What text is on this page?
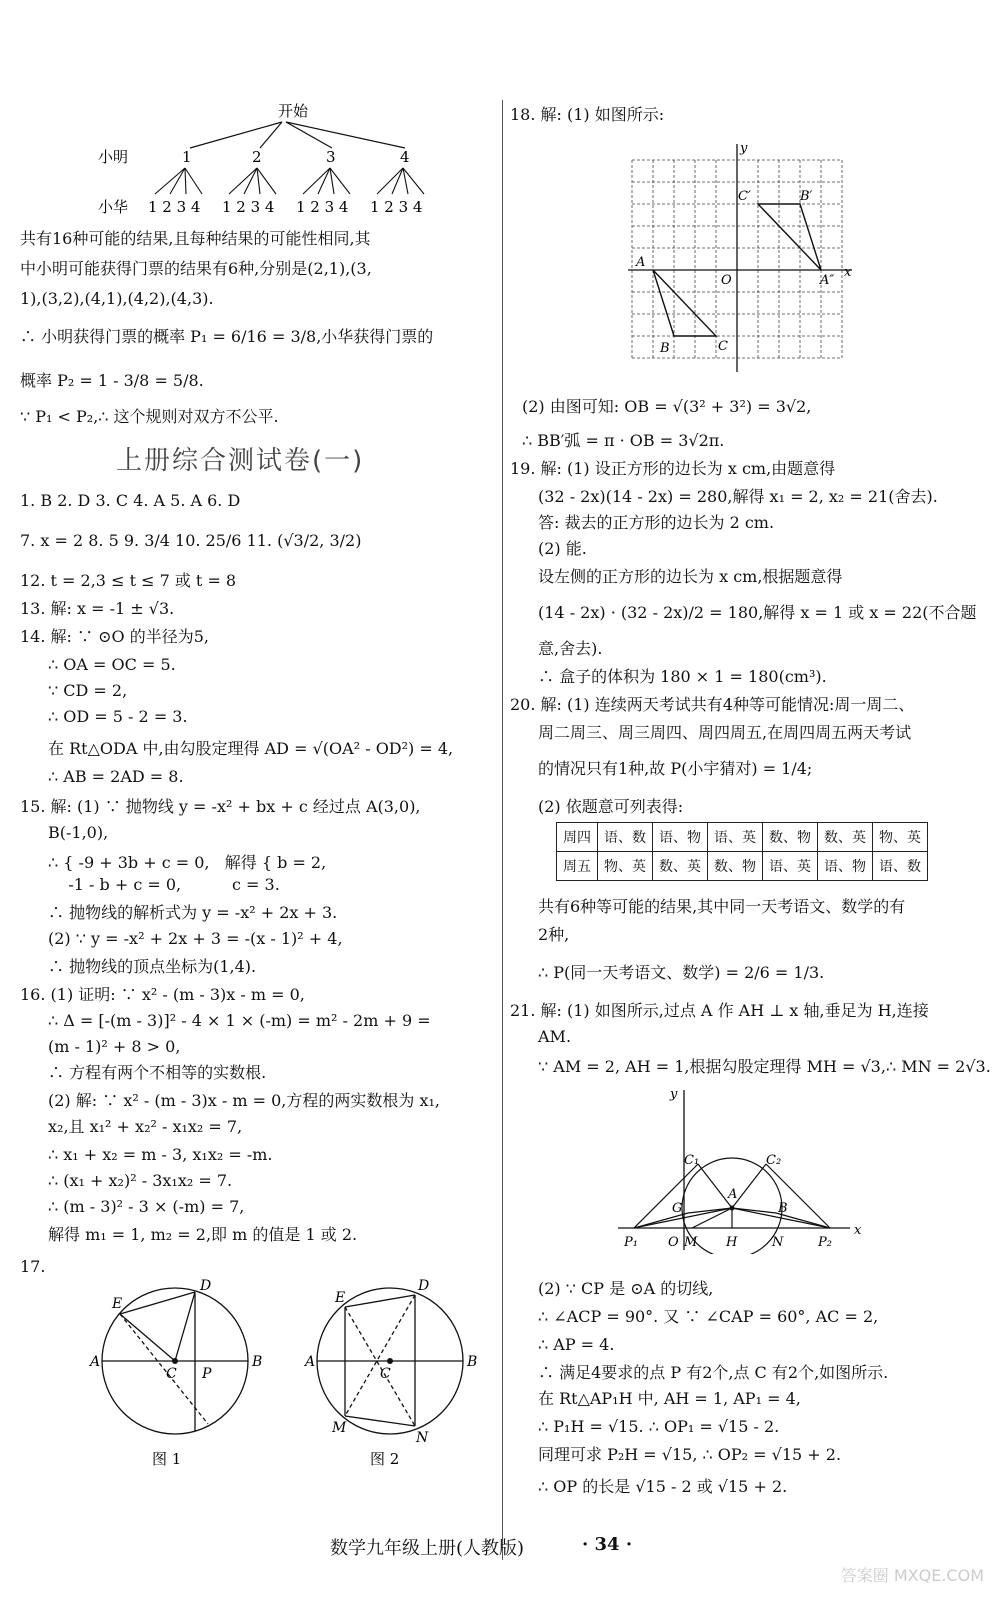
开始
小明	1	2	3	4
小华 1 2 3 4 1 2 3 4 1 2 3 4 1 2 3 4
共有16种可能的结果,且每种结果的可能性相同,其
中小明可能获得门票的结果有6种,分别是(2,1),(3,
1),(3,2),(4,1),(4,2),(4,3).
∴ 小明获得门票的概率 P₁ = 6/16 = 3/8,小华获得门票的
概率 P₂ = 1 - 3/8 = 5/8.
∵ P₁ < P₂,∴ 这个规则对双方不公平.
上册综合测试卷(一)
1. B 2. D 3. C 4. A 5. A 6. D
7. x = 2 8. 5 9. 3/4 10. 25/6 11. (√3/2, 3/2)
12. t = 2,3 ≤ t ≤ 7 或 t = 8
13. 解: x = -1 ± √3.
14. 解: ∵ ⊙O 的半径为5,
∴ OA = OC = 5.
∵ CD = 2,
∴ OD = 5 - 2 = 3.
在 Rt△ODA 中,由勾股定理得 AD = √(OA² - OD²) = 4,
∴ AB = 2AD = 8.
15. 解: (1) ∵ 抛物线 y = -x² + bx + c 经过点 A(3,0),
B(-1,0),
∴ { -9 + 3b + c = 0,   解得 { b = 2,
-1 - b + c = 0,          c = 3.
∴ 抛物线的解析式为 y = -x² + 2x + 3.
(2) ∵ y = -x² + 2x + 3 = -(x - 1)² + 4,
∴ 抛物线的顶点坐标为(1,4).
16. (1) 证明: ∵ x² - (m - 3)x - m = 0,
∴ Δ = [-(m - 3)]² - 4 × 1 × (-m) = m² - 2m + 9 =
(m - 1)² + 8 > 0,
∴ 方程有两个不相等的实数根.
(2) 解: ∵ x² - (m - 3)x - m = 0,方程的两实数根为 x₁,
x₂,且 x₁² + x₂² - x₁x₂ = 7,
∴ x₁ + x₂ = m - 3, x₁x₂ = -m.
∴ (x₁ + x₂)² - 3x₁x₂ = 7.
∴ (m - 3)² - 3 × (-m) = 7,
解得 m₁ = 1, m₂ = 2,即 m 的值是 1 或 2.
17.
E
D
A	B
C P
E
D
A	B
C
M
N
图 1	图 2
18. 解: (1) 如图所示:
y
x
O
A
B	C
A″
B′
C′
(2) 由图可知: OB = √(3² + 3²) = 3√2,
∴ BB′弧 = π · OB = 3√2π.
19. 解: (1) 设正方形的边长为 x cm,由题意得
(32 - 2x)(14 - 2x) = 280,解得 x₁ = 2, x₂ = 21(舍去).
答: 裁去的正方形的边长为 2 cm.
(2) 能.
设左侧的正方形的边长为 x cm,根据题意得
(14 - 2x) · (32 - 2x)/2 = 180,解得 x = 1 或 x = 22(不合题
意,舍去).
∴ 盒子的体积为 180 × 1 = 180(cm³).
20. 解: (1) 连续两天考试共有4种等可能情况:周一周二、
周二周三、周三周四、周四周五,在周四周五两天考试
的情况只有1种,故 P(小宇猜对) = 1/4;
(2) 依题意可列表得:
周四	语、数	语、物	语、英	数、物	数、英	物、英
周五	物、英	数、英	数、物	语、英	语、物	语、数
共有6种等可能的结果,其中同一天考语文、数学的有
2种,
∴ P(同一天考语文、数学) = 2/6 = 1/3.
21. 解: (1) 如图所示,过点 A 作 AH ⊥ x 轴,垂足为 H,连接
AM.
∵ AM = 2, AH = 1,根据勾股定理得 MH = √3,∴ MN = 2√3.
y
x
P₁ O M H	N	P₂
A
B
G
C₁	C₂
(2) ∵ CP 是 ⊙A 的切线,
∴ ∠ACP = 90°. 又 ∵ ∠CAP = 60°, AC = 2,
∴ AP = 4.
∴ 满足4要求的点 P 有2个,点 C 有2个,如图所示.
在 Rt△AP₁H 中, AH = 1, AP₁ = 4,
∴ P₁H = √15. ∴ OP₁ = √15 - 2.
同理可求 P₂H = √15, ∴ OP₂ = √15 + 2.
∴ OP 的长是 √15 - 2 或 √15 + 2.
数学九年级上册(人教版)	· 34 ·
答案圈 MXQE.COM
